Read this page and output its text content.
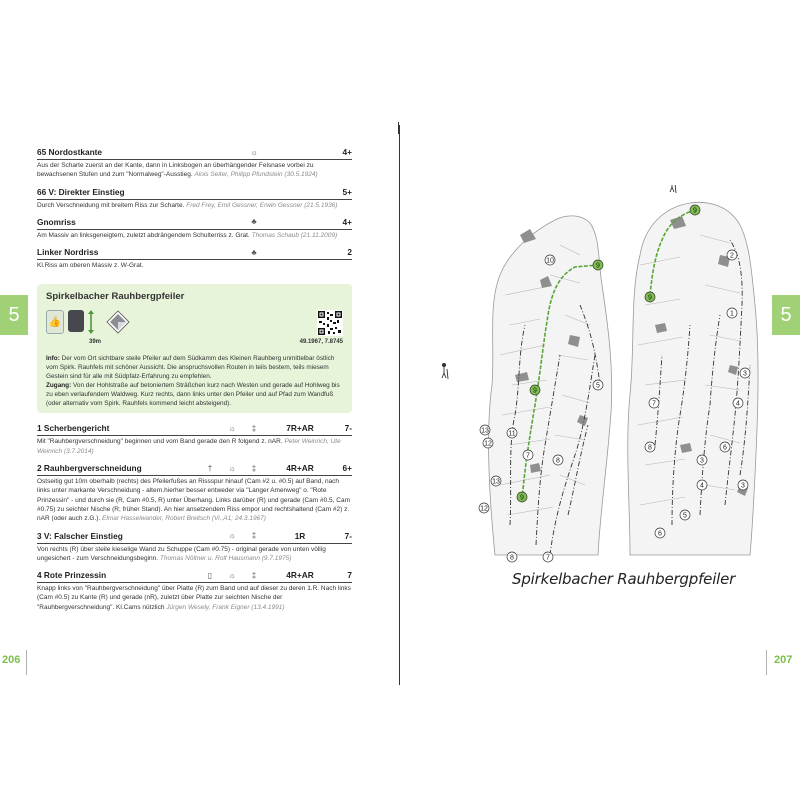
5
206
65 Nordostkante	☼	4+
Aus der Scharte zuerst an der Kante, dann in Linksbogen an überhängender Felsnase vorbei zu bewachsenen Stufen und zum "Normalweg"-Ausstieg. Alois Seiter, Philipp Pfundstein (30.5.1924)
66 V: Direkter Einstieg	5+
Durch Verschneidung mit breitem Riss zur Scharte. Fred Frey, Emil Gessner, Erwin Gessner (21.5.1936)
Gnomriss	♣	4+
Am Massiv an linksgeneigtem, zuletzt abdrängendem Schulterriss z. Grat. Thomas Schaub (21.11.2009)
Linker Nordriss	♣	2
Kl.Riss am oberen Massiv z. W-Grat.
Spirkelbacher Rauhbergpfeiler
👍
39m	49.1967, 7.8745
Info: Der vom Ort sichtbare steile Pfeiler auf dem Südkamm des Kleinen Rauhberg unmittelbar östlich vom Spirk. Rauhfels mit schöner Aussicht. Die anspruchsvollen Routen in teils bestem, teils miesem Gestein sind für alle mit Südpfalz-Erfahrung zu empfehlen.
Zugang: Von der Hohlstraße auf betoniertem Sträßchen kurz nach Westen und gerade auf Hohlweg bis zu eben verlaufendem Waldweg. Kurz rechts, dann links unter den Pfeiler und auf Pfad zum Wandfuß (oder alternativ vom Spirk. Rauhfels kommend leicht absteigend).
1 Scherbengericht	☼	‡	7R+AR	7-
Mit "Rauhbergverschneidung" beginnen und vom Band gerade den R folgend z. nAR. Peter Weinrich, Ute Weinrich (3.7.2014)
2 Rauhbergverschneidung	†	☼	‡	4R+AR	6+
Ostseitig gut 10m oberhalb (rechts) des Pfeilerfußes an Rissspur hinauf (Cam #2 u. #0.5) auf Band, nach links unter markante Verschneidung - altern.hierher besser entweder via "Langer Amenweg" o. "Rote Prinzessin" - und durch sie (R, Cam #0.5, R) unter Überhang. Links darüber (R) und gerade (Cam #0.5, Cam #0.75) zu seichter Nische (R; früher Stand). An hier ansetzendem Riss empor und rechtshaltend (Cam #2) z. nAR (oder auch z.G.). Elmar Hasselwander, Robert Breitsch (Vi.,A1; 24.3.1967)
3 V: Falscher Einstieg	☼	‡	1R	7-
Von rechts (R) über steile kieselige Wand zu Schuppe (Cam #0.75) - original gerade von unten völlig ungesichert - zum Verschneidungsbeginn. Thomas Nöltner u. Rolf Hausmann (9.7.1975)
4 Rote Prinzessin	▯	☼	‡	4R+AR	7
Knapp links von "Rauhbergverschneidung" über Platte (R) zum Band und auf dieser zu deren 1.R. Nach links (Cam #0.5) zu Kante (R) und gerade (nR), zuletzt über Platte zur seichten Nische der "Rauhbergverschneidung". Kl.Cams nützlich Jürgen Wesely, Frank Eigner (13.4.1991)
5
207
10
9
9
5
13
12
11
7
8
13
9
12
8	7
9
9
2
1
3
7	4
8	6
4	3
5
6
3
Spirkelbacher Rauhbergpfeiler
